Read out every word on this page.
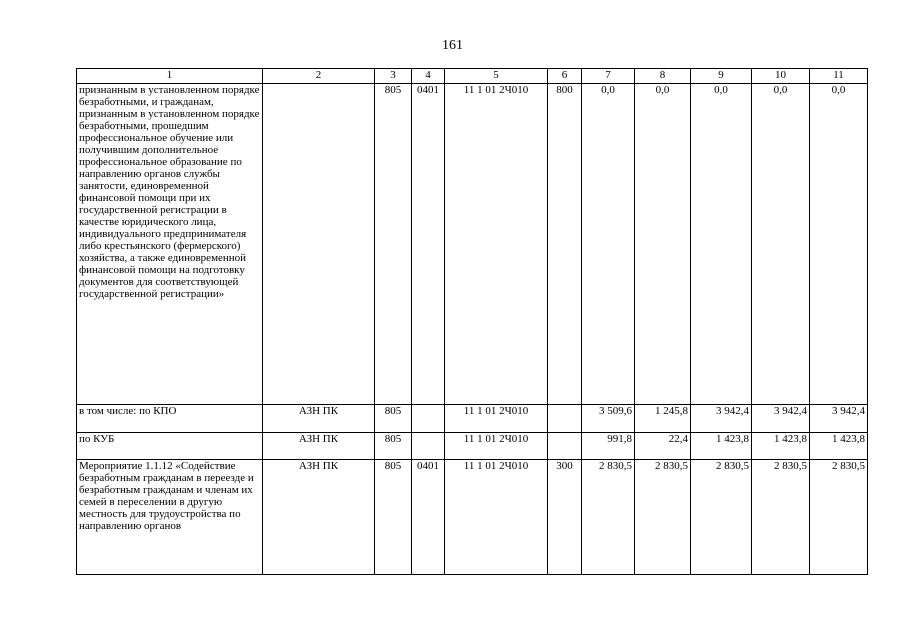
161
1	2	3	4	5	6	7	8	9	10	11
признанным в установленном порядке безработными, и гражданам, признанным в установленном порядке безработными, прошедшим профессиональное обучение или получившим дополнительное профессиональное образование по направлению органов службы занятости, единовременной финансовой помощи при их государственной регистрации в качестве юридического лица, индивидуального предпринимателя либо крестьянского (фермерского) хозяйства, а также единовременной финансовой помощи на подготовку документов для соответствующей государственной регистрации»		805	0401	11 1 01 2Ч010	800	0,0	0,0	0,0	0,0	0,0
в том числе: по КПО	АЗН ПК	805		11 1 01 2Ч010		3 509,6	1 245,8	3 942,4	3 942,4	3 942,4
по КУБ	АЗН ПК	805		11 1 01 2Ч010		991,8	22,4	1 423,8	1 423,8	1 423,8
Мероприятие 1.1.12 «Содействие безработным гражданам в переезде и безработным гражданам и членам их семей в переселении в другую местность для трудоустройства по направлению органов	АЗН ПК	805	0401	11 1 01 2Ч010	300	2 830,5	2 830,5	2 830,5	2 830,5	2 830,5
